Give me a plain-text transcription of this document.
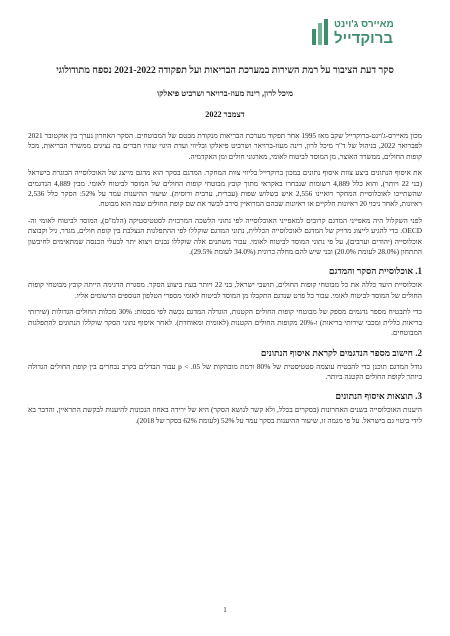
מאיירס ג'וינט
ברוקדייל
סקר דעת הציבור על רמת השירות במערכת הבריאות ועל תפקודה 2021-2022 נספח מתודולוגי
מיכל לרון, רינה מעוז-ברויאר ושרביט פיאלקו
דצמבר 2022

מכון מאיירס-ג'וינט-ברוקדייל שקב מאז 1995 אחר תפקוד מערכת הבריאות מנקודת מבטם של המבוטחים. הסקר האחרון נערך בין אוקטובר 2021 לפברואר 2022, בניהול של ד"ר מיכל לרון, רינה מעוז-ברויאר ושרביט פיאלקו ובליווי ועדת היגוי שהיו חברים בה נציגים ממשרד הבריאות, מכל קופות החולים, ממשרד האוצר, מן המוסד לביטוח לאומי, מארגוני חולים ומן האקדמיה.

את איסוף הנתונים ביצע צוות איסוף נתונים במכון ברוקדייל בליווי צוות המחקר. המדגם בסקר הוא מדגם מייצג של האוכלוסייה הבוגרת בישראל (בני 22 ויותר), והוא כלל 4,889 רשומות שנבחרו באקראי מתוך קובץ מבוטחי קופות החולים של המוסד לביטוח לאומי. מבין 4,889 הנדגמים שהשתייכו לאוכלוסיית המחקר רואיינו 2,556 איש בשלוש שפות (עברית, ערבית ורוסית). שיעור ההיענות עמד על 52%: הסקר כלל 2,536 ראיונות, לאחר ניכוי 20 ראיונות חלקיים או ראיונות שבהם המרואיין סירב לבשר את שם קופת החולים שבה הוא מבוטח.

לפני השקלול היה מאפייני המדגם קרובים למאפייני האוכלוסייה לפי נתוני הלשכה המרכזית לסטטיסטיקה (הלמ"ס), המוסד לביטוח לאומי וה-OECD. כדי להגיע לייצוג מדויק של המדגם לאוכלוסייה הכללית, נתוני המדגם שוקללו לפי ההתפלגות הנצלבת בין קופת חולים, מגדר, גיל וקבוצת אוכלוסייה (יהודים וערבים), על פי נתוני המוסד לביטוח לאומי. עבור משתנים אלה שוקללו נבנים ויצוא יתר לבעלי הכנסה שמתאימים לחיבשון התתחון (28.0% לעומת 20.0%) ובני שיש להם מחלה כרונית (34.0% לעומת 29.5%).

1. אוכלוסיית הסקר והמדגם

אוכלוסיית היעד כללה את כל מבוטחי קופות החולים, תושבי ישראל, בני 22 ויותר בעת ביצוע הסקר. מסגרת הדגימה הייתה קובץ מבוטחי קופות החולים של המוסד לביטוח לאומי. עבור כל פרט שנדגם התקבלו מן המוסד לביטוח לאומי מספרי הטלפון הנוספים הרשומים אליו.

כדי לתבטיח מספר נדגמים מספק של מבוטחי קופות החולים הקטנות, הוגדלה המדגם נכשה לפי מכסות: 30% מכלות החולים הגדולות (שירותי בריאות כללית ומכבי שירותי בריאות) ו-20% מקופות החולים הקטנות (לאומית ומאוחדת). לאחר איסוף נתוני הסקר שוקללו הנתונים להתפלגות המבוטחים.

2. חישוב מספר הנדגמים לקראת איסוף הנתונים

גודל המדגם תוכנן כדי להבטיח עוצמה סטטיסטית של 80% ורמת מובהקות של p < .05 עבור הבדלים בקרב נבחרים בין קופת החולים הגדולה ביותר לקופת החולים הקטנה ביותר.

3. תוצאות איסוף הנתונים

היענות האוכלוסייה בשנים האחרונות (בסקרים בכלל, ולא קשר לנושא הסקר) היא של ירידה באחוז הנכונות להיענות לבקשת התראיין, והדבר בא לידי ביטוי גם בישראל. על פי מגמה זו, שיעור ההיענות בסקר עמד על 52% (לעומת 62% בסקר של 2018).

1
